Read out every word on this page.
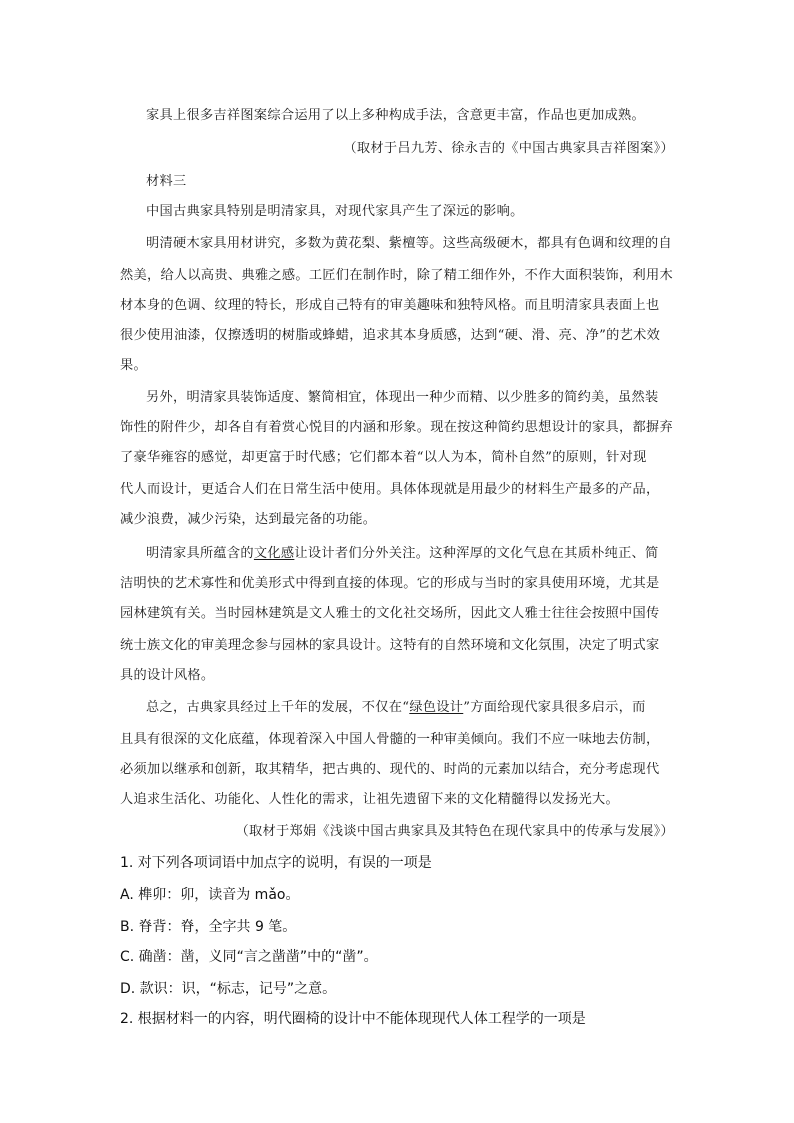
家具上很多吉祥图案综合运用了以上多种构成手法，含意更丰富，作品也更加成熟。
（取材于吕九芳、徐永吉的《中国古典家具吉祥图案》）
材料三
中国古典家具特别是明清家具，对现代家具产生了深远的影响。
明清硬木家具用材讲究，多数为黄花梨、紫檀等。这些高级硬木，都具有色调和纹理的自
然美，给人以高贵、典雅之感。工匠们在制作时，除了精工细作外，不作大面积装饰，利用木
材本身的色调、纹理的特长，形成自己特有的审美趣味和独特风格。而且明清家具表面上也
很少使用油漆，仅擦透明的树脂或蜂蜡，追求其本身质感，达到“硬、滑、亮、净”的艺术效
果。
另外，明清家具装饰适度、繁简相宜，体现出一种少而精、以少胜多的简约美，虽然装
饰性的附件少，却各自有着赏心悦目的内涵和形象。现在按这种简约思想设计的家具，都摒弃
了豪华雍容的感觉，却更富于时代感；它们都本着“以人为本，简朴自然”的原则，针对现
代人而设计，更适合人们在日常生活中使用。具体体现就是用最少的材料生产最多的产品，
减少浪费，减少污染，达到最完备的功能。
明清家具所蕴含的文化感让设计者们分外关注。这种浑厚的文化气息在其质朴纯正、简
洁明快的艺术寡性和优美形式中得到直接的体现。它的形成与当时的家具使用环境，尤其是
园林建筑有关。当时园林建筑是文人雅士的文化社交场所，因此文人雅士往往会按照中国传
统士族文化的审美理念参与园林的家具设计。这特有的自然环境和文化氛围，决定了明式家
具的设计风格。
总之，古典家具经过上千年的发展，不仅在“绿色设计”方面给现代家具很多启示，而
且具有很深的文化底蕴，体现着深入中国人骨髓的一种审美倾向。我们不应一味地去仿制，
必须加以继承和创新，取其精华，把古典的、现代的、时尚的元素加以结合，充分考虑现代
人追求生活化、功能化、人性化的需求，让祖先遗留下来的文化精髓得以发扬光大。
（取材于郑娟《浅谈中国古典家具及其特色在现代家具中的传承与发展》）
1. 对下列各项词语中加点字的说明，有误的一项是
A. 榫卯：卯，读音为 mǎo。
B. 脊背：脊，全字共 9 笔。
C. 确凿：凿，义同“言之凿凿”中的“凿”。
D. 款识：识，“标志，记号”之意。
2. 根据材料一的内容，明代圈椅的设计中不能体现现代人体工程学的一项是
